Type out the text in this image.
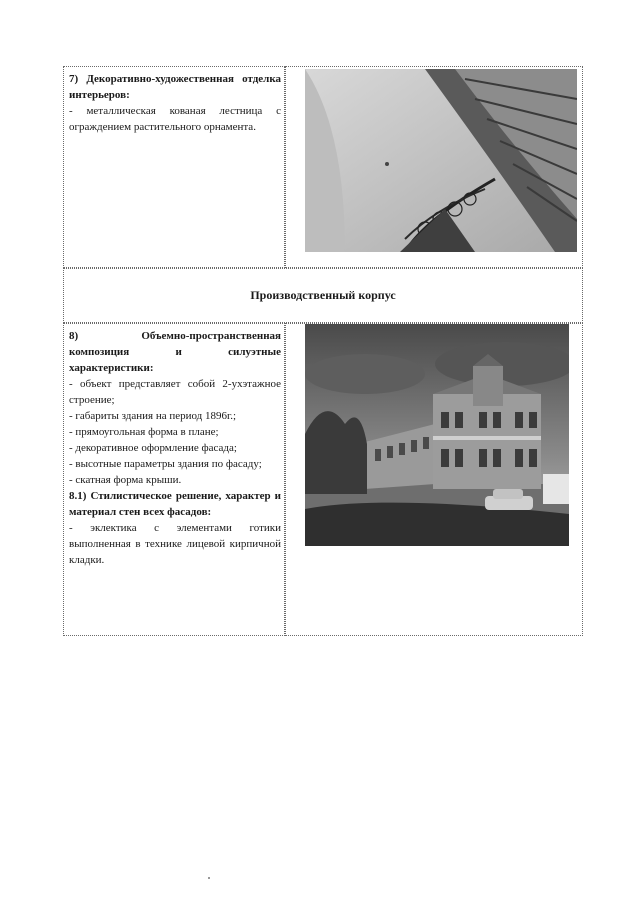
7) Декоративно-художественная отделка интерьеров:
- металлическая кованая лестница с ограждением растительного орнамента.
Производственный корпус
8) Объемно-пространственная композиция и силуэтные характеристики:
- объект представляет собой 2-ухэтажное строение;
- габариты здания на период 1896г.;
- прямоугольная форма в плане;
- декоративное оформление фасада;
- высотные параметры здания по фасаду;
- скатная форма крыши.
8.1) Стилистическое решение, характер и материал стен всех фасадов:
- эклектика с элементами готики выполненная в технике лицевой кирпичной кладки.
